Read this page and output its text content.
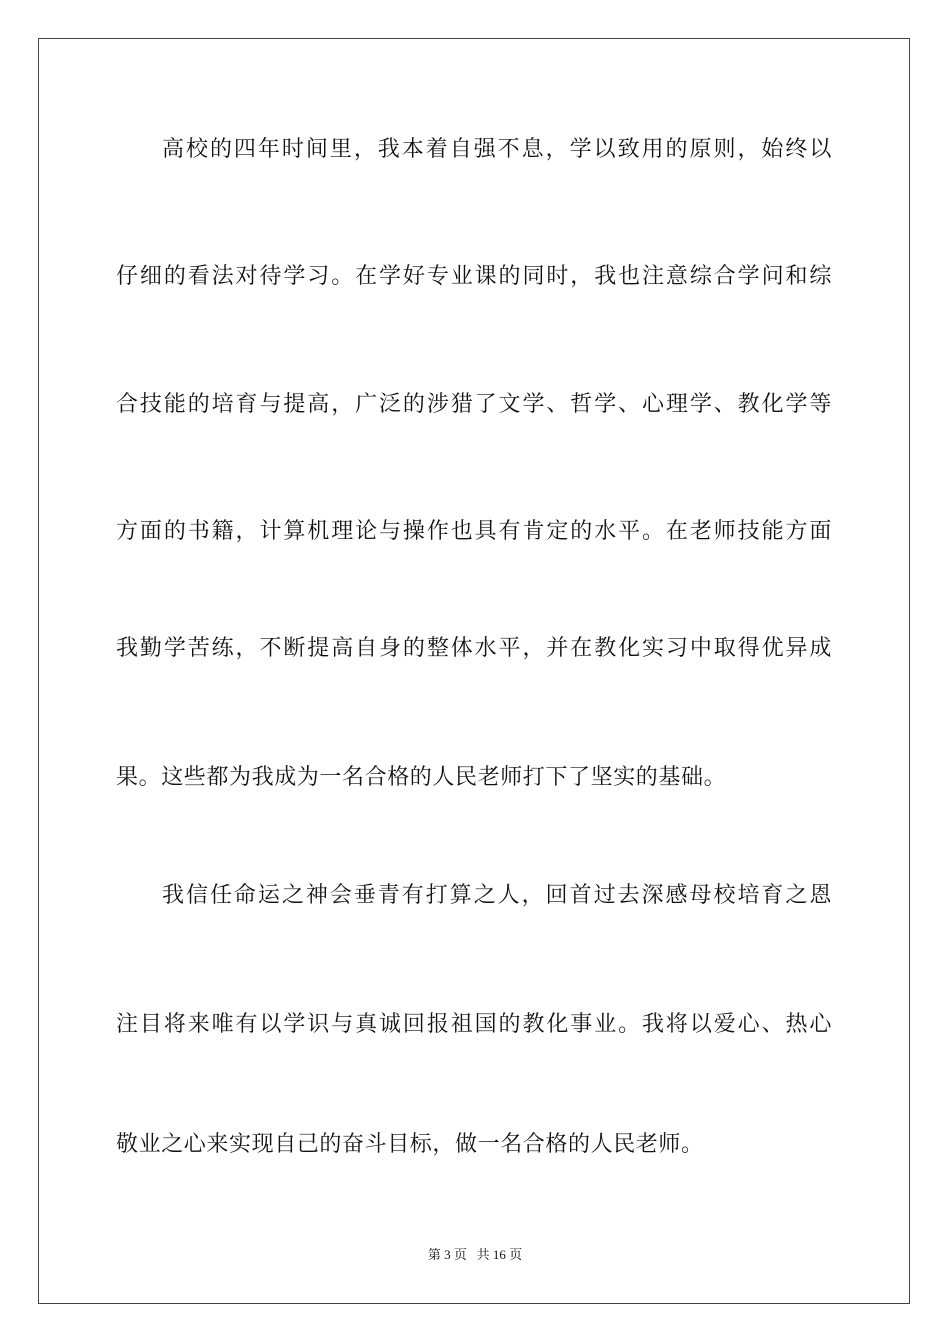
高校的四年时间里，我本着自强不息，学以致用的原则，始终以
仔细的看法对待学习。在学好专业课的同时，我也注意综合学问和综
合技能的培育与提高，广泛的涉猎了文学、哲学、心理学、教化学等
方面的书籍，计算机理论与操作也具有肯定的水平。在老师技能方面
我勤学苦练，不断提高自身的整体水平，并在教化实习中取得优异成
果。这些都为我成为一名合格的人民老师打下了坚实的基础。
我信任命运之神会垂青有打算之人，回首过去深感母校培育之恩
注目将来唯有以学识与真诚回报祖国的教化事业。我将以爱心、热心
敬业之心来实现自己的奋斗目标，做一名合格的人民老师。
第 3 页   共 16 页
